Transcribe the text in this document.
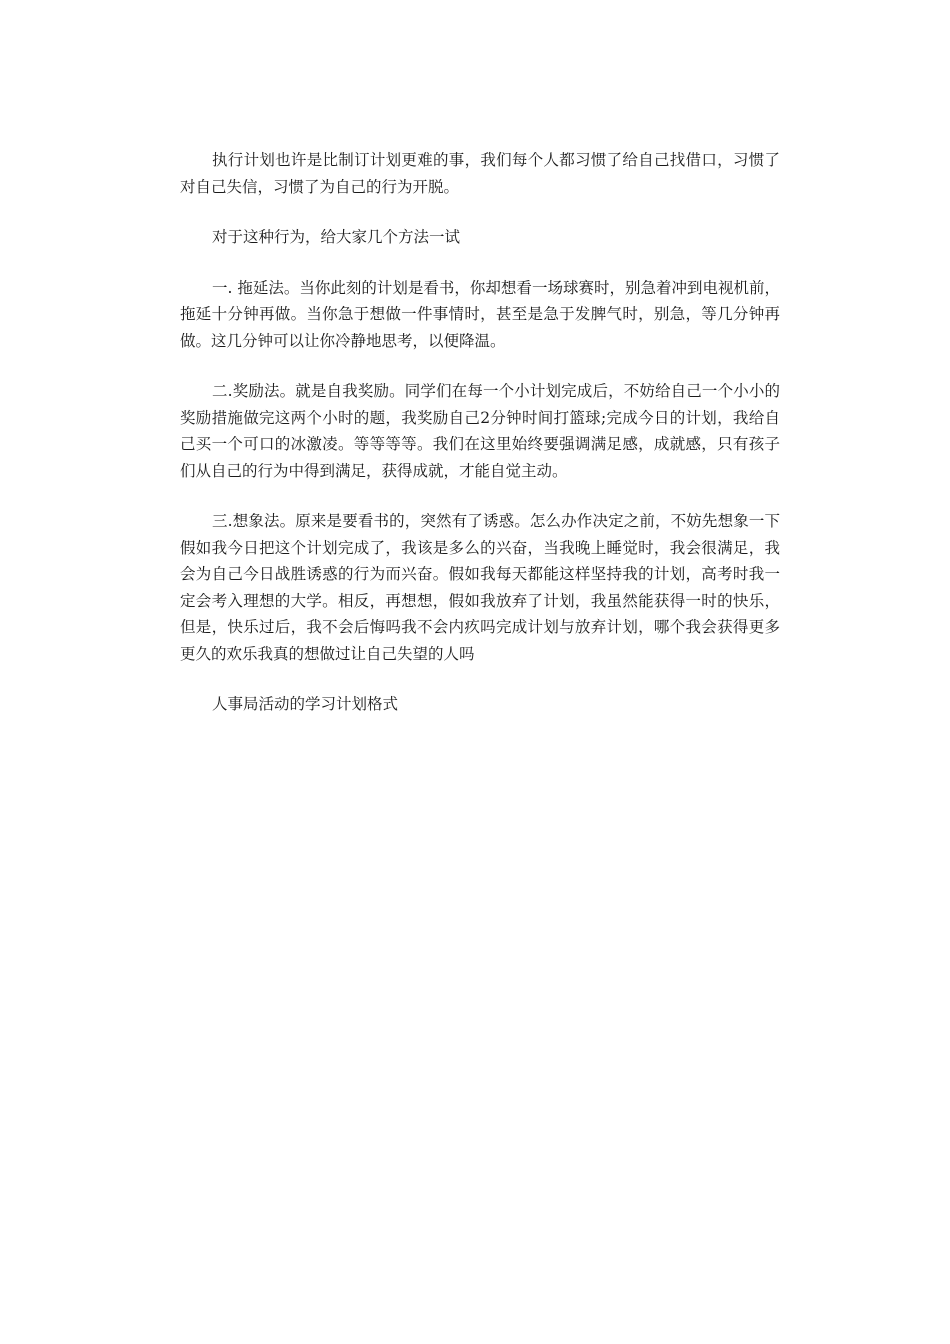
执行计划也许是比制订计划更难的事，我们每个人都习惯了给自己找借口，习惯了对自己失信，习惯了为自己的行为开脱。

对于这种行为，给大家几个方法一试

一. 拖延法。当你此刻的计划是看书，你却想看一场球赛时，别急着冲到电视机前，拖延十分钟再做。当你急于想做一件事情时，甚至是急于发脾气时，别急，等几分钟再做。这几分钟可以让你冷静地思考，以便降温。

二.奖励法。就是自我奖励。同学们在每一个小计划完成后，不妨给自己一个小小的奖励措施做完这两个小时的题，我奖励自己2分钟时间打篮球;完成今日的计划，我给自己买一个可口的冰激凌。等等等等。我们在这里始终要强调满足感，成就感，只有孩子们从自己的行为中得到满足，获得成就，才能自觉主动。

三.想象法。原来是要看书的，突然有了诱惑。怎么办作决定之前，不妨先想象一下假如我今日把这个计划完成了，我该是多么的兴奋，当我晚上睡觉时，我会很满足，我会为自己今日战胜诱惑的行为而兴奋。假如我每天都能这样坚持我的计划，高考时我一定会考入理想的大学。相反，再想想，假如我放弃了计划，我虽然能获得一时的快乐，但是，快乐过后，我不会后悔吗我不会内疚吗完成计划与放弃计划，哪个我会获得更多更久的欢乐我真的想做过让自己失望的人吗

人事局活动的学习计划格式
